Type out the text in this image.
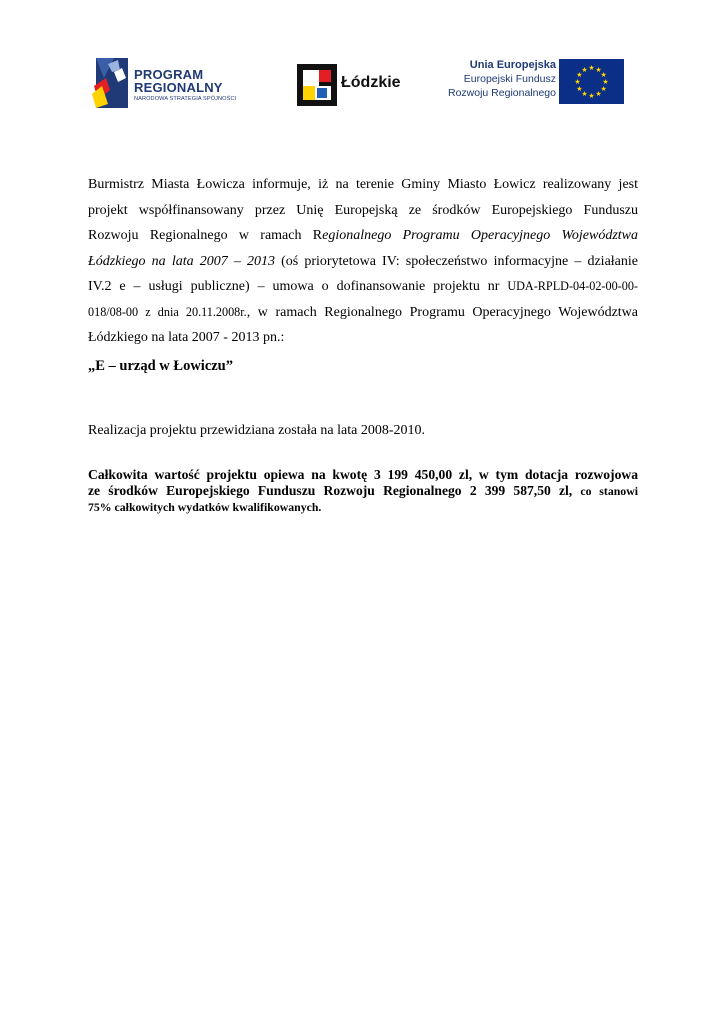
PROGRAM
REGIONALNY
NARODOWA STRATEGIA SPÓJNOŚCI
Łódzkie
Unia Europejska
Europejski Fundusz
Rozwoju Regionalnego
★ ★
★
★
★
★
★
★
★
★
★
★
Burmistrz Miasta Łowicza informuje, iż na terenie Gminy Miasto Łowicz realizowany jest
projekt współfinansowany przez Unię Europejską ze środków Europejskiego Funduszu
Rozwoju Regionalnego w ramach Regionalnego Programu Operacyjnego Województwa
Łódzkiego na lata 2007 – 2013 (oś priorytetowa IV: społeczeństwo informacyjne – działanie
IV.2 e – usługi publiczne) – umowa o dofinansowanie projektu nr UDA-RPLD-04-02-00-00-
018/08-00 z dnia 20.11.2008r., w ramach Regionalnego Programu Operacyjnego Województwa
Łódzkiego na lata 2007 - 2013 pn.:
„E – urząd w Łowiczu”
Realizacja projektu przewidziana została na lata 2008-2010.
Całkowita wartość projektu opiewa na kwotę 3 199 450,00 zl, w tym dotacja rozwojowa
ze środków Europejskiego Funduszu Rozwoju Regionalnego 2 399 587,50 zl, co stanowi
75% całkowitych wydatków kwalifikowanych.
